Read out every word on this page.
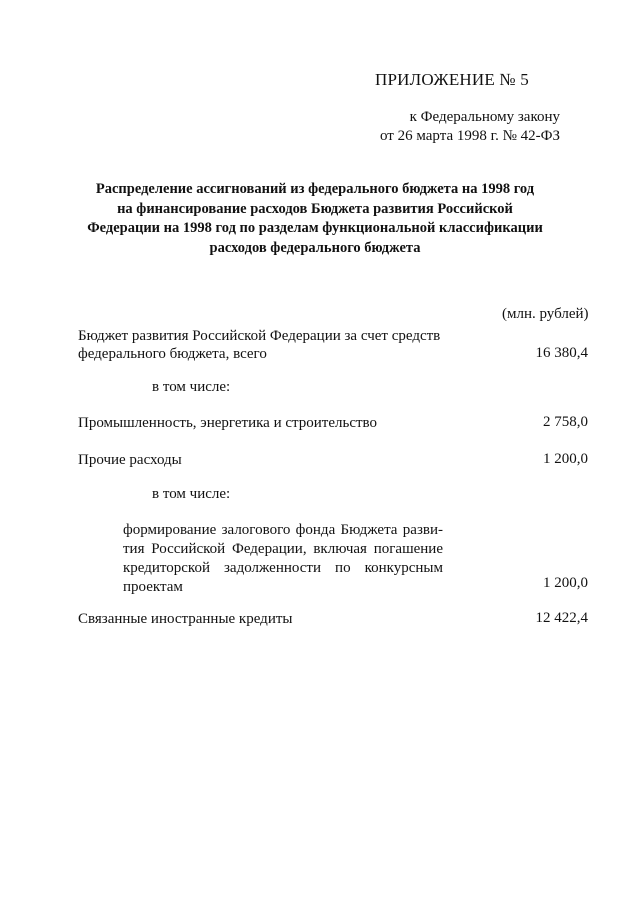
ПРИЛОЖЕНИЕ № 5
к Федеральному закону
от 26 марта 1998 г. № 42-ФЗ
Распределение ассигнований из федерального бюджета на 1998 год
на финансирование расходов Бюджета развития Российской
Федерации на 1998 год по разделам функциональной классификации
расходов федерального бюджета
(млн. рублей)
Бюджет развития Российской Федерации за счет средств
федерального бюджета, всего	16 380,4
в том числе:
Промышленность, энергетика и строительство	2 758,0
Прочие расходы	1 200,0
в том числе:
формирование залогового фонда Бюджета разви-
тия Российской Федерации, включая погашение
кредиторской задолженности по конкурсным
проектам	1 200,0
Связанные иностранные кредиты	12 422,4
